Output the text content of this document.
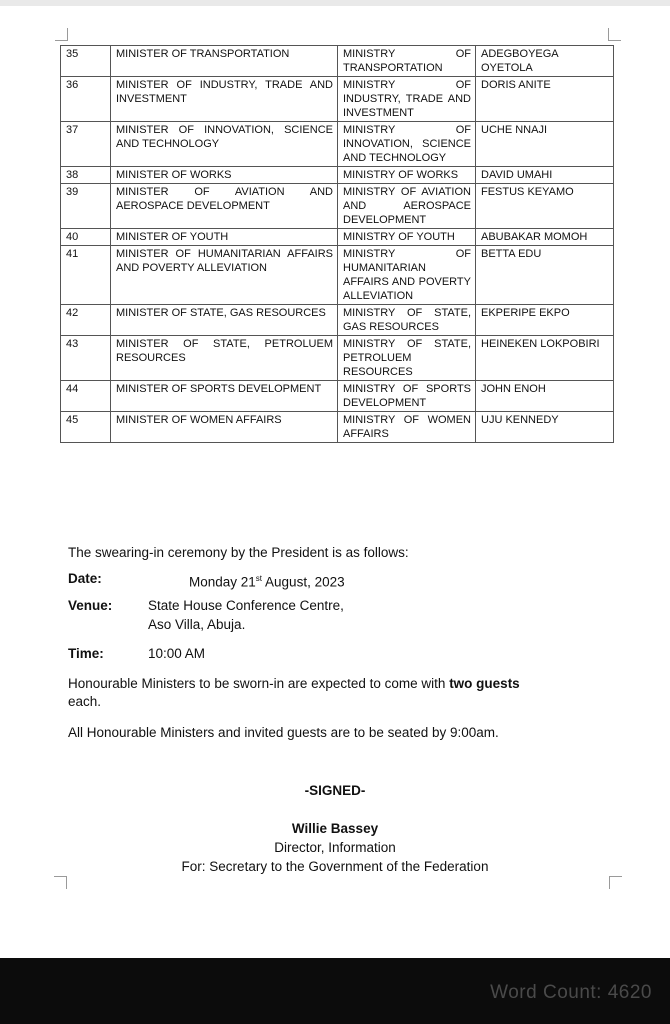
35	MINISTER OF TRANSPORTATION	MINISTRY OF TRANSPORTATION	ADEGBOYEGA OYETOLA
36	MINISTER OF INDUSTRY, TRADE AND INVESTMENT	MINISTRY OF INDUSTRY, TRADE AND INVESTMENT	DORIS ANITE
37	MINISTER OF INNOVATION, SCIENCE AND TECHNOLOGY	MINISTRY OF INNOVATION, SCIENCE AND TECHNOLOGY	UCHE NNAJI
38	MINISTER OF WORKS	MINISTRY OF WORKS	DAVID UMAHI
39	MINISTER OF AVIATION AND AEROSPACE DEVELOPMENT	MINISTRY OF AVIATION AND AEROSPACE DEVELOPMENT	FESTUS KEYAMO
40	MINISTER OF YOUTH	MINISTRY OF YOUTH	ABUBAKAR MOMOH
41	MINISTER OF HUMANITARIAN AFFAIRS AND POVERTY ALLEVIATION	MINISTRY OF HUMANITARIAN AFFAIRS AND POVERTY ALLEVIATION	BETTA EDU
42	MINISTER OF STATE, GAS RESOURCES	MINISTRY OF STATE, GAS RESOURCES	EKPERIPE EKPO
43	MINISTER OF STATE, PETROLUEM RESOURCES	MINISTRY OF STATE, PETROLUEM RESOURCES	HEINEKEN LOKPOBIRI
44	MINISTER OF SPORTS DEVELOPMENT	MINISTRY OF SPORTS DEVELOPMENT	JOHN ENOH
45	MINISTER OF WOMEN AFFAIRS	MINISTRY OF WOMEN AFFAIRS	UJU KENNEDY
The swearing-in ceremony by the President is as follows:
Date:	Monday 21st August, 2023
Venue:	State House Conference Centre,
Aso Villa, Abuja.
Time:	10:00 AM
Honourable Ministers to be sworn-in are expected to come with two guests
each.
All Honourable Ministers and invited guests are to be seated by 9:00am.
-SIGNED-
Willie Bassey
Director, Information
For: Secretary to the Government of the Federation
Word Count: 4620
